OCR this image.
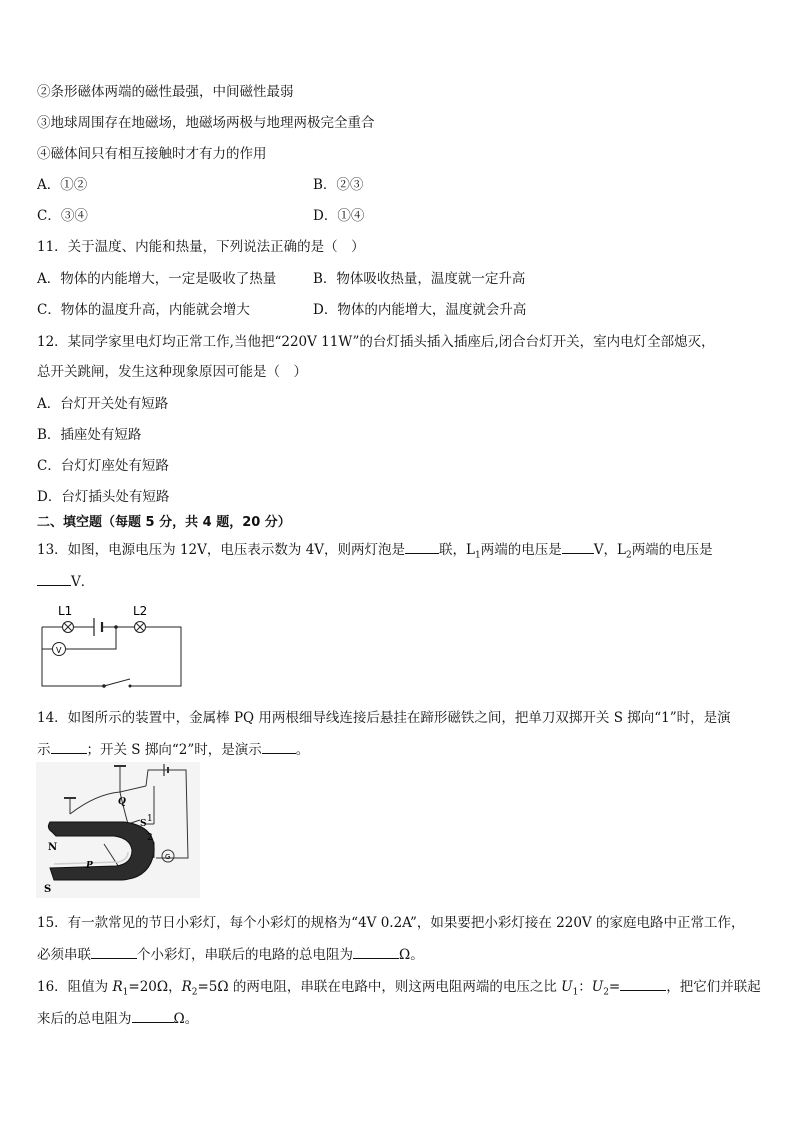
②条形磁体两端的磁性最强，中间磁性最弱
③地球周围存在地磁场，地磁场两极与地理两极完全重合
④磁体间只有相互接触时才有力的作用
A．①②	B．②③
C．③④	D．①④
11．关于温度、内能和热量，下列说法正确的是（　）
A．物体的内能增大，一定是吸收了热量	B．物体吸收热量，温度就一定升高
C．物体的温度升高，内能就会增大	D．物体的内能增大，温度就会升高
12．某同学家里电灯均正常工作,当他把“220V 11W”的台灯插头插入插座后,闭合台灯开关，室内电灯全部熄灭，
总开关跳闸，发生这种现象原因可能是（　）
A．台灯开关处有短路
B．插座处有短路
C．台灯灯座处有短路
D．台灯插头处有短路
二、填空题（每题 5 分，共 4 题，20 分）
13．如图，电源电压为 12V，电压表示数为 4V，则两灯泡是	联，$L_1$两端的电压是 V，$L_2$两端的电压是
V．
L1	L2
V
14．如图所示的装置中，金属棒 PQ 用两根细导线连接后悬挂在蹄形磁铁之间，把单刀双掷开关 S 掷向“1”时，是演
示	；开关 S 掷向“2”时，是演示	。
N
S
Q
P
S 1
2
G
15．有一款常见的节日小彩灯，每个小彩灯的规格为“4V 0.2A”，如果要把小彩灯接在 220V 的家庭电路中正常工作，
必须串联	个小彩灯，串联后的电路的总电阻为	Ω。
16．阻值为 $R_1=20\Omega$，$R_2=5\Omega$ 的两电阻，串联在电路中，则这两电阻两端的电压之比 $U_1$：$U_2=$	，把它们并联起
来后的总电阻为	Ω。
